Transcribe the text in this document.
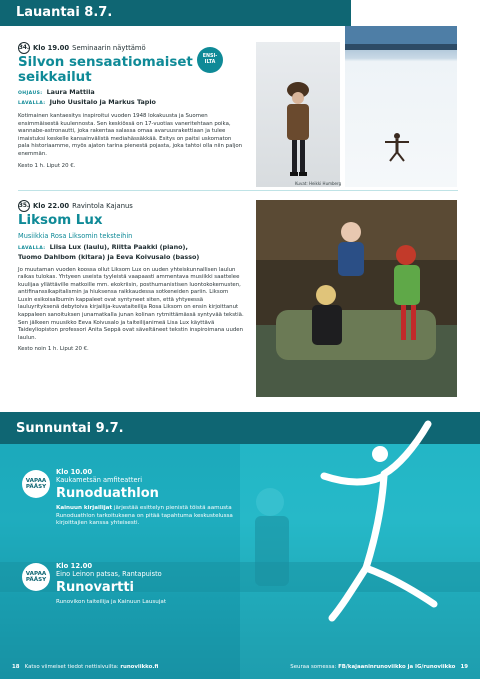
Lauantai 8.7.
34. Klo 19.00 Seminaarin näyttämö
Silvon sensaatiomaiset seikkailut
OHJAUS: Laura Mattila
LAVALLA: Juho Uusitalo ja Markus Tapio
Kotimainen kantaesitys inspiroitui vuoden 1948 lokakuusta ja Suomen ensimmäisestä kuulennosta. Sen keskiössä on 17-vuotias vaneritehtaan poika, wannabe-astronautti, joka rakentaa salassa omaa avaruusrakettiaan ja tulee imaistuksi keskelle kansainvälistä mediahässäkkää. Esitys on paitsi uskomaton pala historiaamme, myös ajaton tarina pienestä pojasta, joka tahtoi olla niin paljon enemmän.
Kesto 1 h. Liput 20 €.
ENSI-
ILTA
Kuvat: Heikki Humberg
35. Klo 22.00 Ravintola Kajanus
Liksom Lux
Musiikkia Rosa Liksomin teksteihin
LAVALLA: Liisa Lux (laulu), Riitta Paakki (piano),
Tuomo Dahlbom (kitara) ja Eeva Koivusalo (basso)
Jo muutaman vuoden koossa ollut Liksom Lux on uuden yhteiskunnallisen laulun raikas tulokas. Yhtyeen useista tyyleistä vaapaasti ammentava musiikki saattelee kuulijaa yllättäville matkoille mm. ekokriisin, posthumanistisen luontokokemusten, antifinanssikapitalismin ja hiuksensa raikkaudessa sotkeneiden pariin. Liksom Luxin esikoisalbumin kappaleet ovat syntyneet siten, että yhtyeessä lauluyrityksenä debytoiva kirjailija-kuvataiteilija Rosa Liksom on ensin kirjoittanut kappaleen sanoituksen junamatkalla junan kolinan rytmittämässä syntyvää tekstiä. Sen jälkeen muusikko Eeva Koivusalo ja taiteilijanimeä Lisa Lux käyttävä Taideyliopiston professori Anita Seppä ovat säveltäneet tekstin inspiroimana uuden laulun.
Kesto noin 1 h. Liput 20 €.
Sunnuntai 9.7.
VAPAA
PÄÄSY
Klo 10.00
Kaukametsän amfiteatteri
Runoduathlon
Kainuun kirjailijat järjestää esittelyn pienistä töistä aamusta Runoduathlon tarkoituksena on pitää tapahtuma keskustelussa kirjoittajien kanssa yhteisesti.
VAPAA
PÄÄSY
Klo 12.00
Eino Leinon patsas, Rantapuisto
Runovartti
Runovikon taiteilija ja Kainuun Lausujat
18 Katso viimeiset tiedot nettisivuilta: runoviikko.fi	Seuraa somessa: FB/kajaaninrunoviikko ja IG/runoviikko 19
